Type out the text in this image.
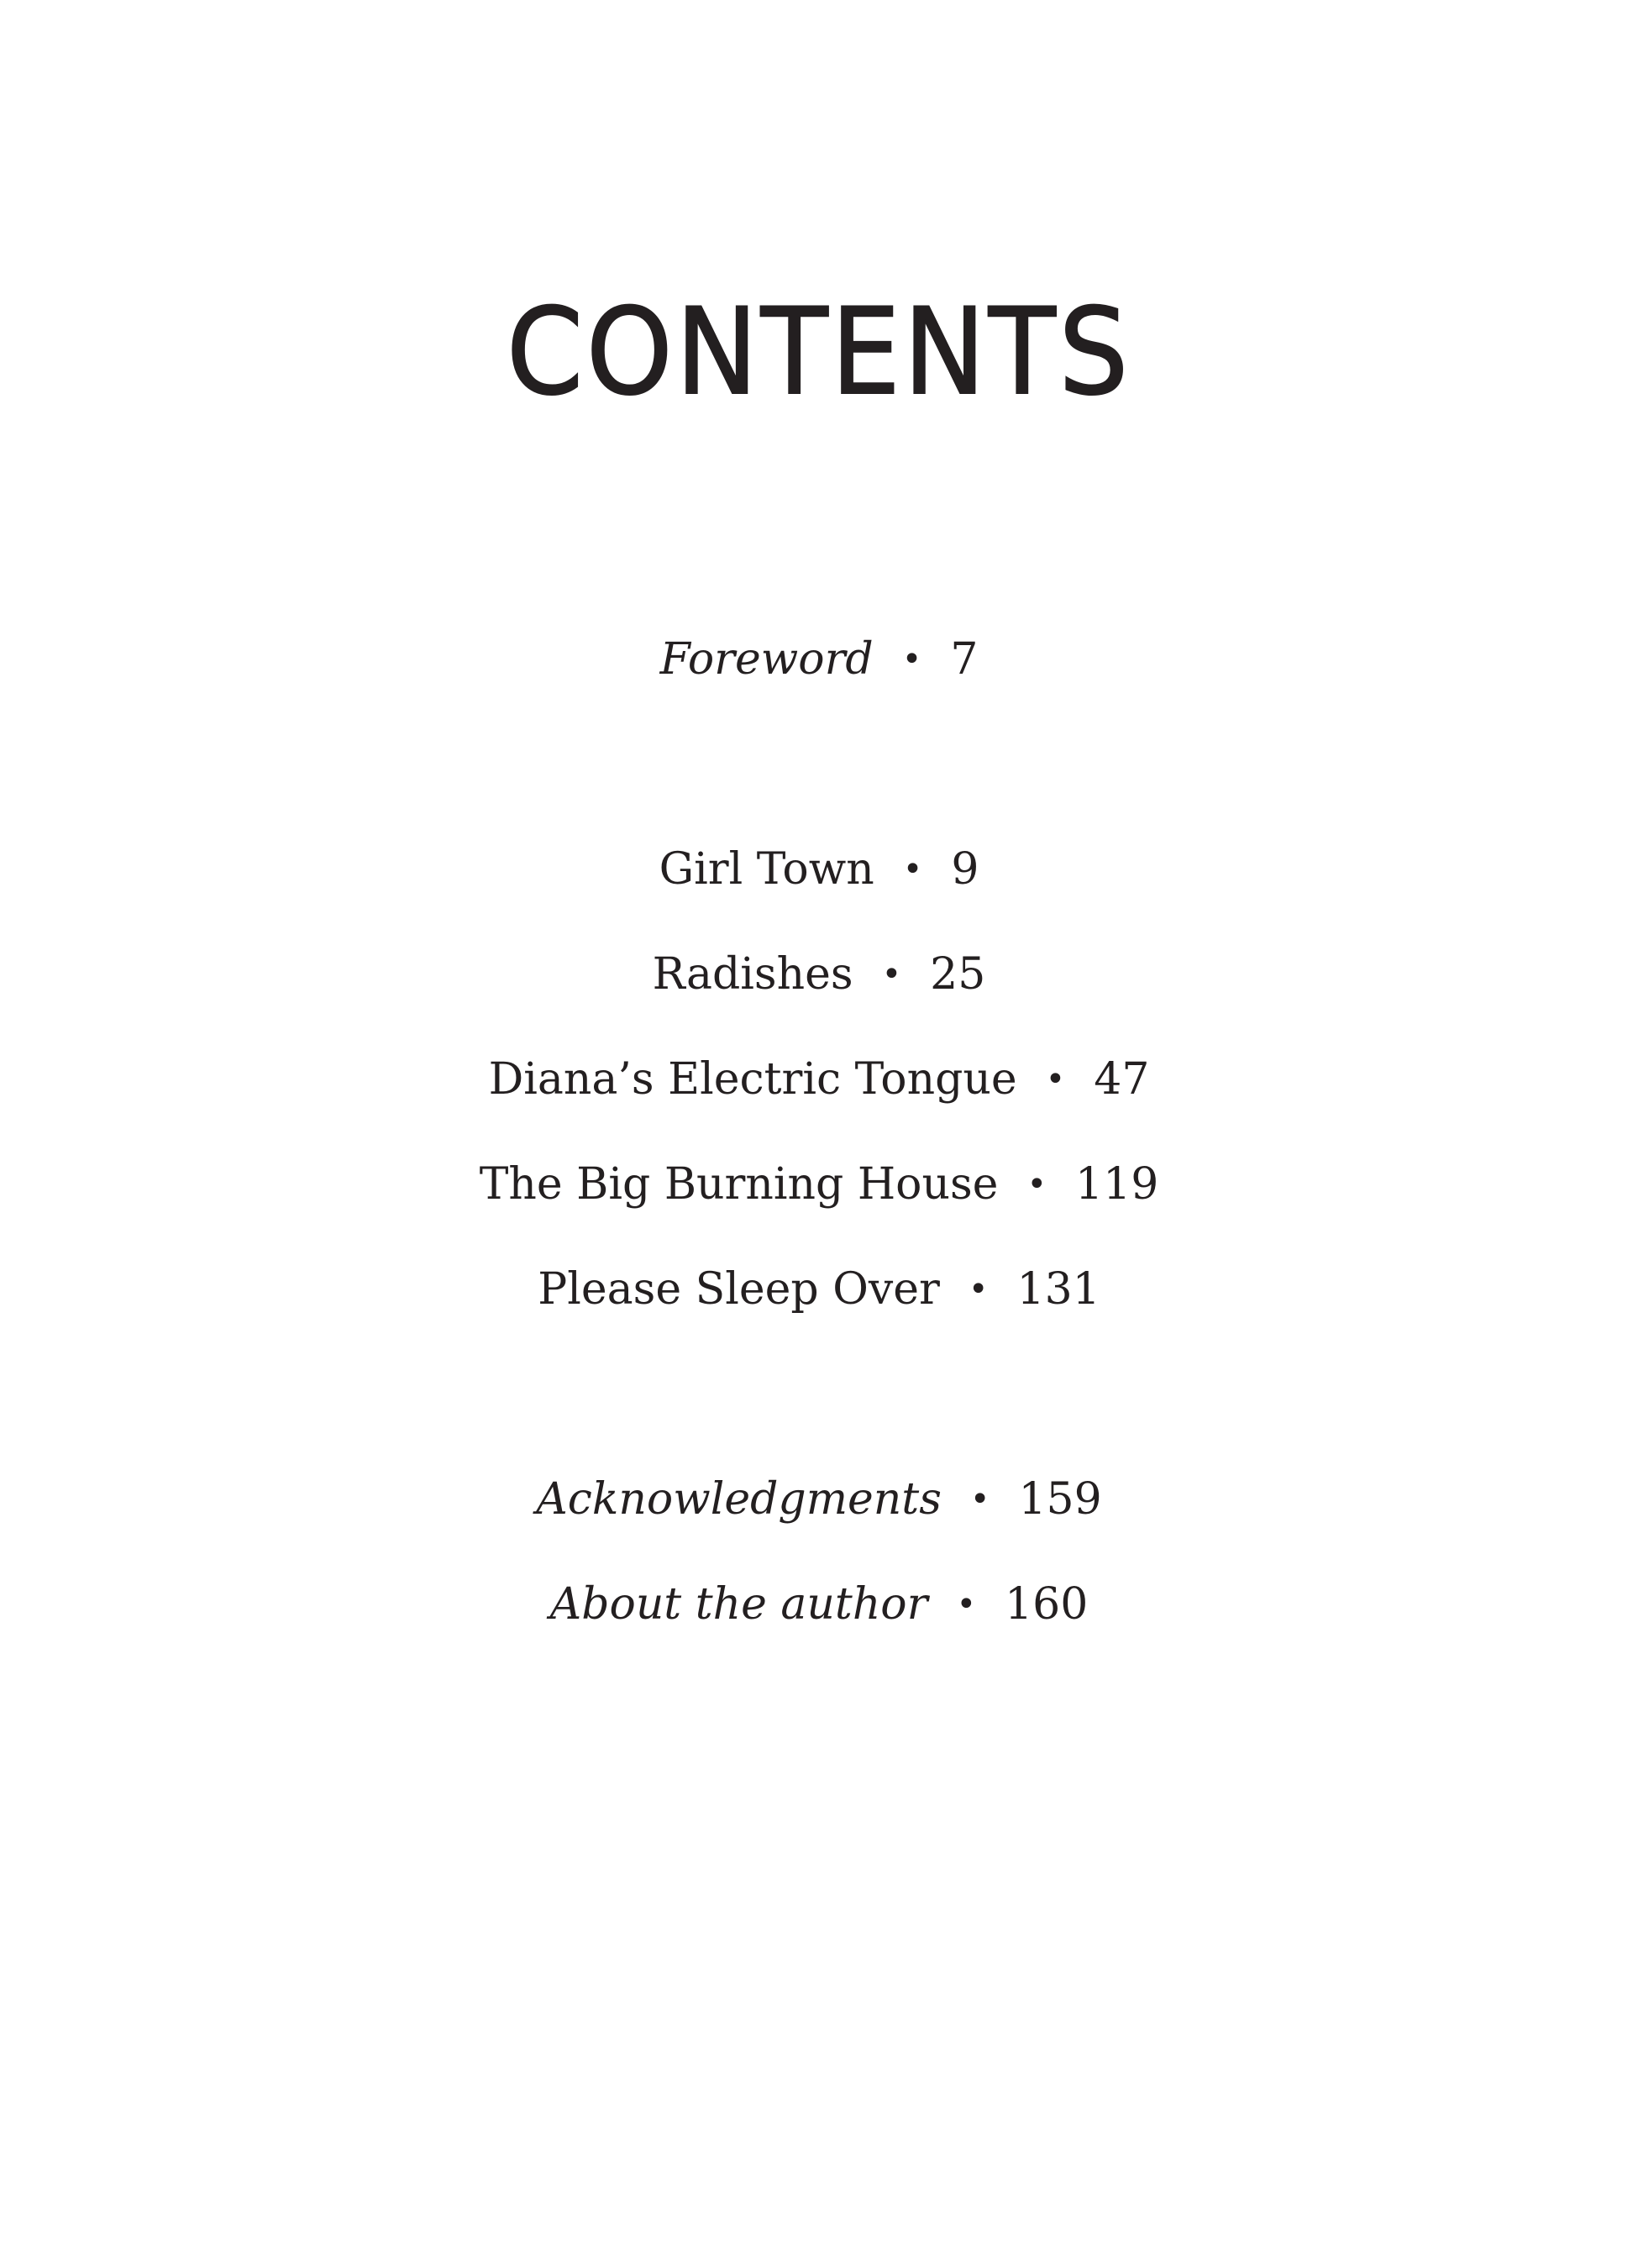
CONTENTS
Foreword • 7
Girl Town • 9
Radishes • 25
Diana’s Electric Tongue • 47
The Big Burning House • 119
Please Sleep Over • 131
Acknowledgments • 159
About the author • 160
